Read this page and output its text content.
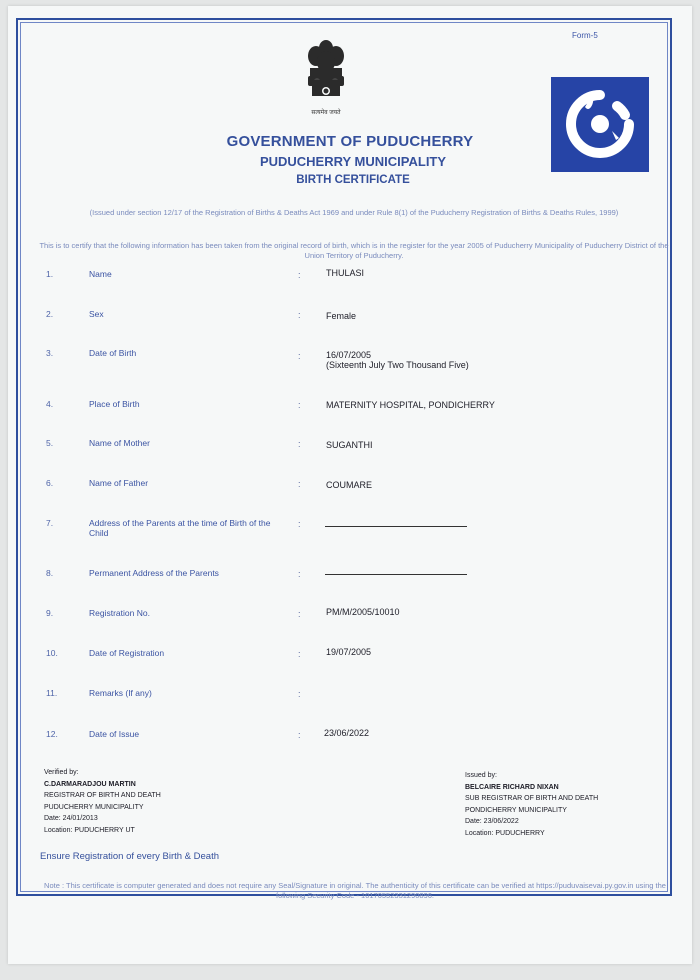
Form-5
सत्यमेव जयते
GOVERNMENT OF PUDUCHERRY
PUDUCHERRY MUNICIPALITY
BIRTH CERTIFICATE
(Issued under section 12/17 of the Registration of Births & Deaths Act 1969 and under Rule 8(1) of the Puducherry Registration of Births & Deaths Rules, 1999)
This is to certify that the following information has been taken from the original record of birth, which is in the register for the year 2005 of Puducherry Municipality of Puducherry District of the Union Territory of Puducherry.
1.	Name	:	THULASI
2.	Sex	:	Female
3.	Date of Birth	:	16/07/2005
(Sixteenth July Two Thousand Five)
4.	Place of Birth	:	MATERNITY HOSPITAL, PONDICHERRY
5.	Name of Mother	:	SUGANTHI
6.	Name of Father	:	COUMARE
7.	Address of the Parents at the time of Birth of the Child
:
8.	Permanent Address of the Parents	:
9.	Registration No.	:	PM/M/2005/10010
10.	Date of Registration	:	19/07/2005
11.	Remarks (If any)	:
12.	Date of Issue	:	23/06/2022
Verified by:
C.DARMARADJOU MARTIN
REGISTRAR OF BIRTH AND DEATH
PUDUCHERRY MUNICIPALITY
Date: 24/01/2013
Location: PUDUCHERRY UT
Issued by:
BELCAIRE RICHARD NIXAN
SUB REGISTRAR OF BIRTH AND DEATH
PONDICHERRY MUNICIPALITY
Date: 23/06/2022
Location: PUDUCHERRY
Ensure Registration of every Birth & Death
Note : This certificate is computer generated and does not require any Seal/Signature in original. The authenticity of this certificate can be verified at https://puduvaisevai.py.gov.in using the following Security Code - 10170552331290896.
